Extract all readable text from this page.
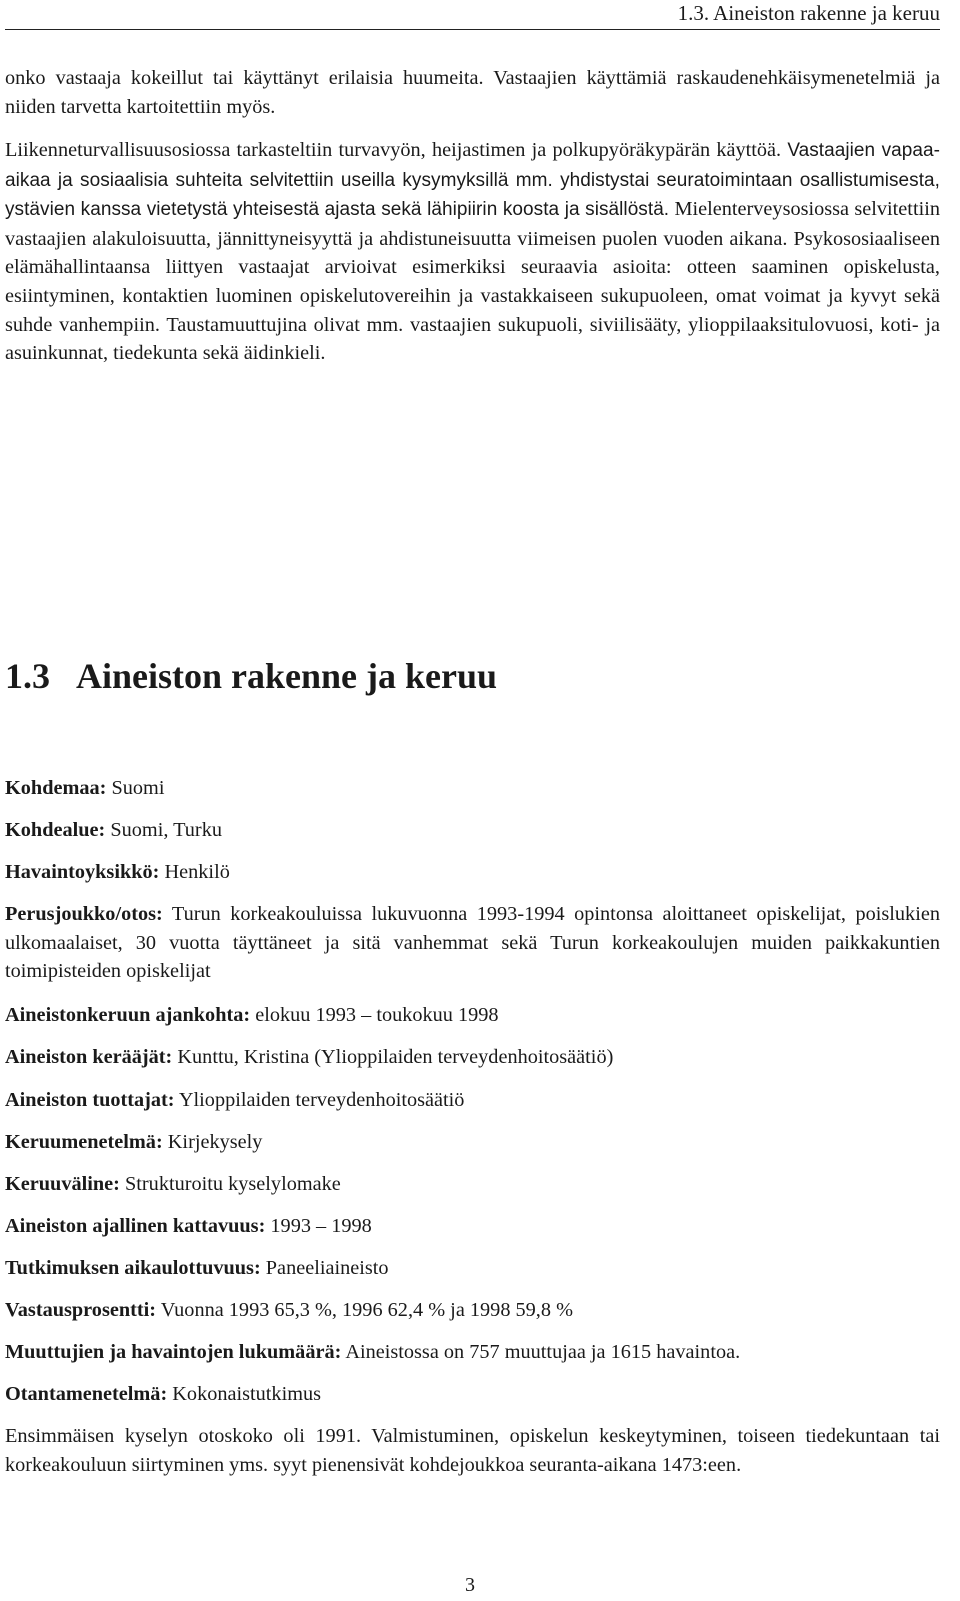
1.3. Aineiston rakenne ja keruu

onko vastaaja kokeillut tai käyttänyt erilaisia huumeita. Vastaajien käyttämiä raskaudenehkäisymenetelmiä ja niiden tarvetta kartoitettiin myös.

Liikenneturvallisuusosiossa tarkasteltiin turvavyön, heijastimen ja polkupyöräkypärän käyttöä. Vastaajien vapaa-aikaa ja sosiaalisia suhteita selvitettiin useilla kysymyksillä mm. yhdistystai seuratoimintaan osallistumisesta, ystävien kanssa vietetystä yhteisestä ajasta sekä lähipiirin koosta ja sisällöstä. Mielenterveysosiossa selvitettiin vastaajien alakuloisuutta, jännittyneisyyttä ja ahdistuneisuutta viimeisen puolen vuoden aikana. Psykososiaaliseen elämähallintaansa liittyen vastaajat arvioivat esimerkiksi seuraavia asioita: otteen saaminen opiskelusta, esiintyminen, kontaktien luominen opiskelutovereihin ja vastakkaiseen sukupuoleen, omat voimat ja kyvyt sekä suhde vanhempiin. Taustamuuttujina olivat mm. vastaajien sukupuoli, siviilisääty, ylioppilaaksitulovuosi, koti- ja asuinkunnat, tiedekunta sekä äidinkieli.

1.3 Aineiston rakenne ja keruu
Kohdemaa: Suomi
Kohdealue: Suomi, Turku
Havaintoyksikkö: Henkilö
Perusjoukko/otos: Turun korkeakouluissa lukuvuonna 1993-1994 opintonsa aloittaneet opiskelijat, poislukien ulkomaalaiset, 30 vuotta täyttäneet ja sitä vanhemmat sekä Turun korkeakoulujen muiden paikkakuntien toimipisteiden opiskelijat
Aineistonkeruun ajankohta: elokuu 1993 – toukokuu 1998
Aineiston kerääjät: Kunttu, Kristina (Ylioppilaiden terveydenhoitosäätiö)
Aineiston tuottajat: Ylioppilaiden terveydenhoitosäätiö
Keruumenetelmä: Kirjekysely
Keruuväline: Strukturoitu kyselylomake
Aineiston ajallinen kattavuus: 1993 – 1998
Tutkimuksen aikaulottuvuus: Paneeliaineisto
Vastausprosentti: Vuonna 1993 65,3 %, 1996 62,4 % ja 1998 59,8 %
Muuttujien ja havaintojen lukumäärä: Aineistossa on 757 muuttujaa ja 1615 havaintoa.
Otantamenetelmä: Kokonaistutkimus

Ensimmäisen kyselyn otoskoko oli 1991. Valmistuminen, opiskelun keskeytyminen, toiseen tiedekuntaan tai korkeakouluun siirtyminen yms. syyt pienensivät kohdejoukkoa seuranta-aikana 1473:een.

3
